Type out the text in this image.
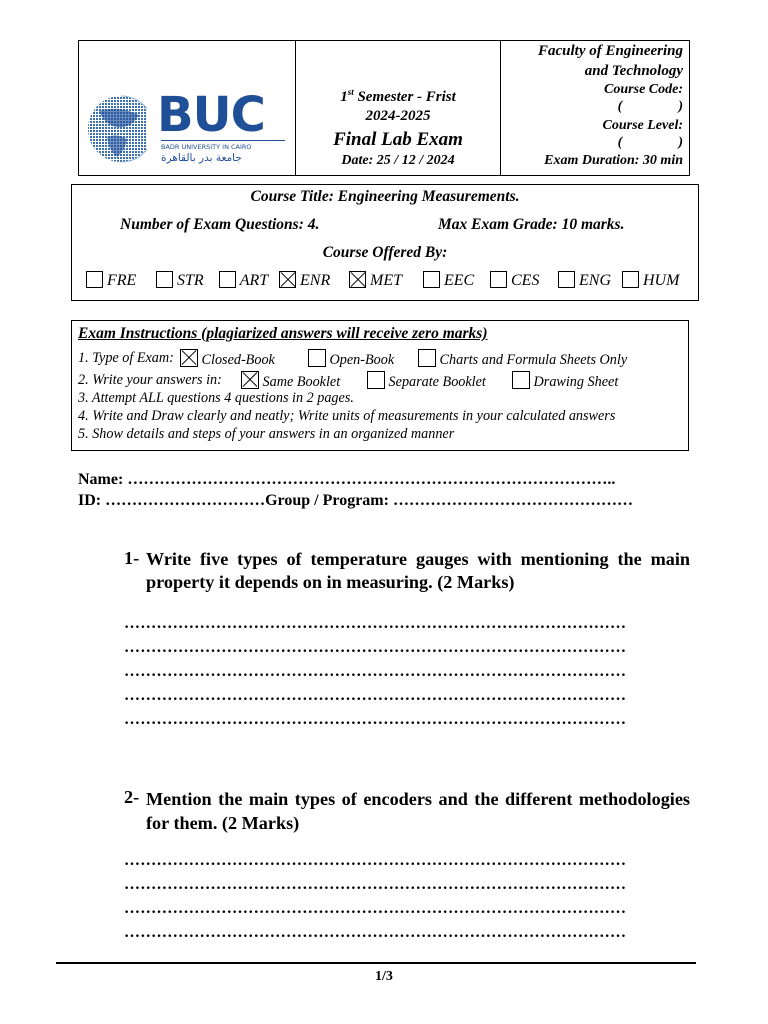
BUC
BADR UNIVERSITY IN CAIRO
جامعة بدر بالقاهرة
1st Semester - Frist
2024-2025
Final Lab Exam
Date: 25 / 12 / 2024
Faculty of Engineering
and Technology
Course Code:
(                )
Course Level:
(                )
Exam Duration: 30 min
Course Title: Engineering Measurements.
Number of Exam Questions: 4.	Max Exam Grade: 10 marks.
Course Offered By:
FRE	STR	ART	ENR	MET	EEC	CES	ENG	HUM
Exam Instructions (plagiarized answers will receive zero marks)
1. Type of Exam:	Closed-Book	Open-Book	Charts and Formula Sheets Only
2. Write your answers in:	Same Booklet	Separate Booklet	Drawing Sheet
3. Attempt ALL questions 4 questions in 2 pages.
4. Write and Draw clearly and neatly; Write units of measurements in your calculated answers
5. Show details and steps of your answers in an organized manner
Name: ………………………………………………………………………………..
ID: …………………………Group / Program: ………………………………………
1- Write five types of temperature gauges with mentioning the main property it depends on in measuring. (2 Marks)
…………………………………………………………………………………
…………………………………………………………………………………
…………………………………………………………………………………
…………………………………………………………………………………
…………………………………………………………………………………
2- Mention the main types of encoders and the different methodologies for them. (2 Marks)
…………………………………………………………………………………
…………………………………………………………………………………
…………………………………………………………………………………
…………………………………………………………………………………
1/3
